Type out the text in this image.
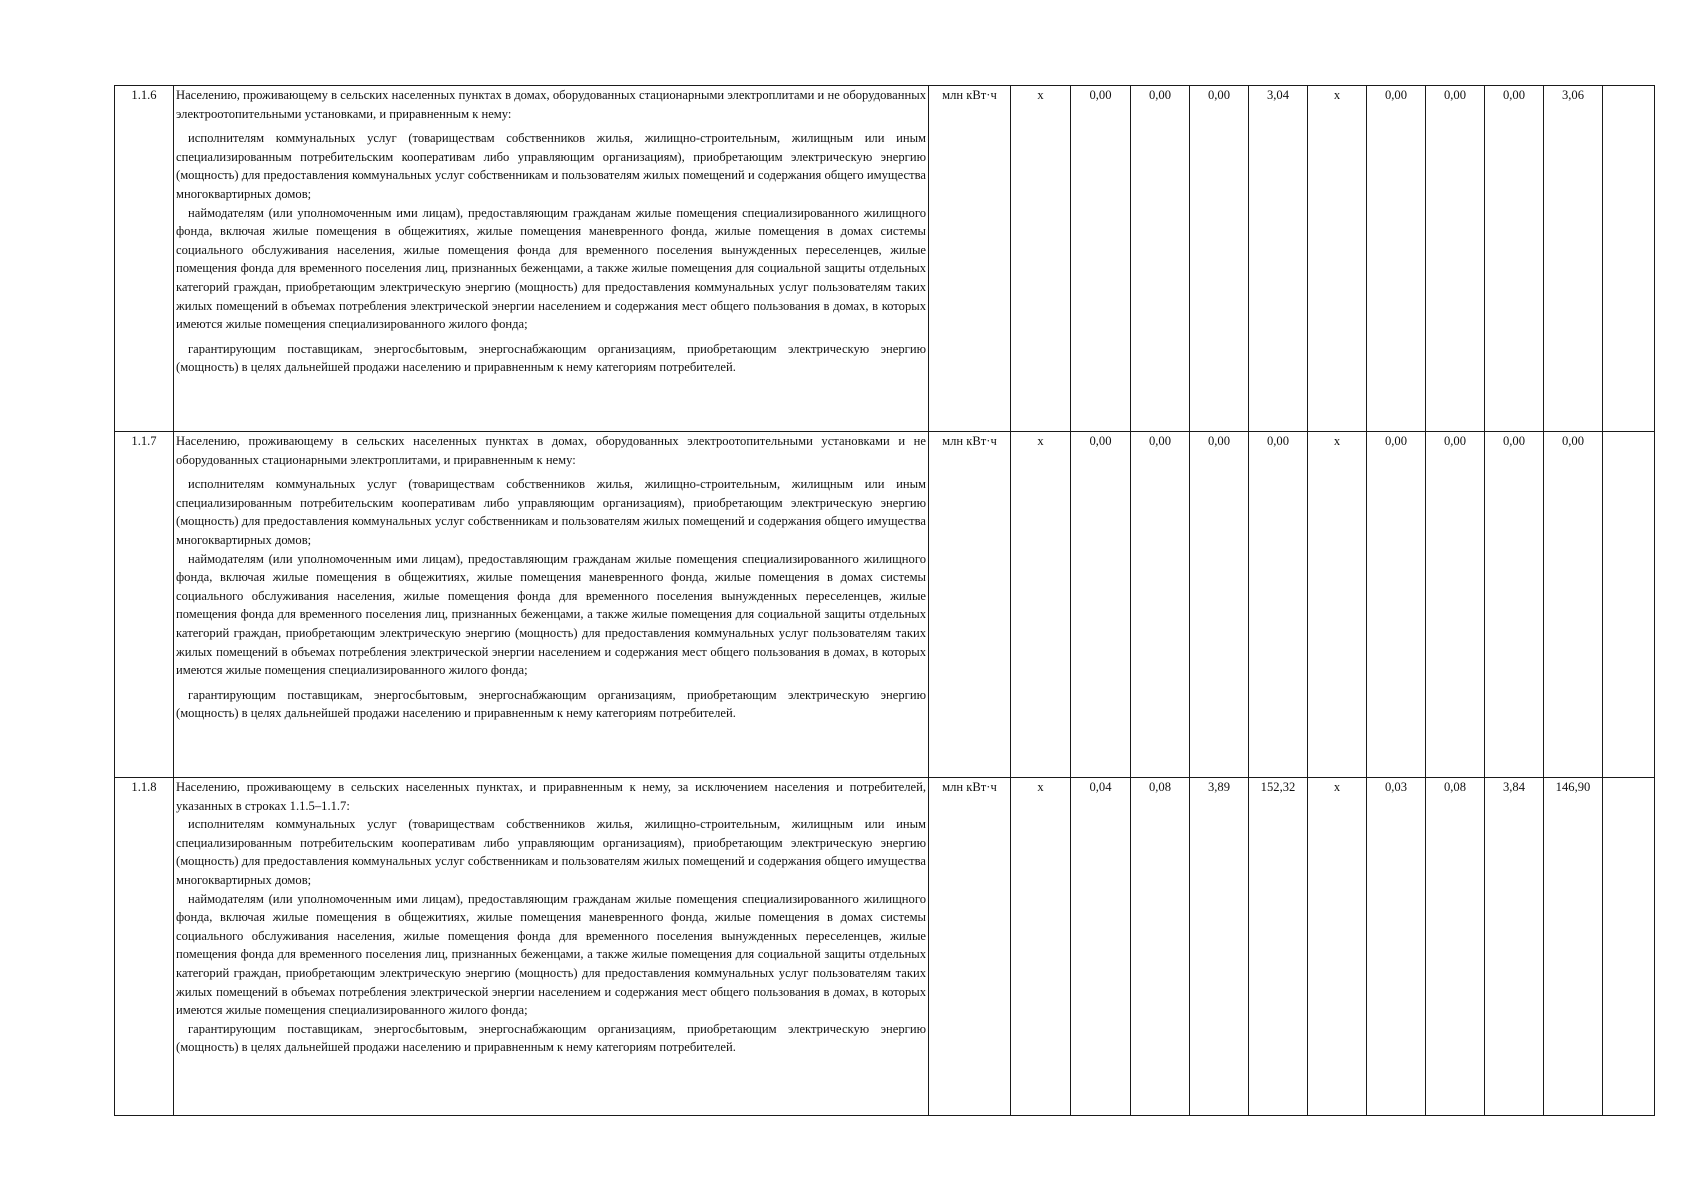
1.1.6	Населению, проживающему в сельских населенных пунктах в домах, оборудованных стационарными электроплитами и не оборудованных электроотопительными установками, и приравненным к нему:

исполнителям коммунальных услуг (товариществам собственников жилья, жилищно-строительным, жилищным или иным специализированным потребительским кооперативам либо управляющим организациям), приобретающим электрическую энергию (мощность) для предоставления коммунальных услуг собственникам и пользователям жилых помещений и содержания общего имущества многоквартирных домов;

наймодателям (или уполномоченным ими лицам), предоставляющим гражданам жилые помещения специализированного жилищного фонда, включая жилые помещения в общежитиях, жилые помещения маневренного фонда, жилые помещения в домах системы социального обслуживания населения, жилые помещения фонда для временного поселения вынужденных переселенцев, жилые помещения фонда для временного поселения лиц, признанных беженцами, а также жилые помещения для социальной защиты отдельных категорий граждан, приобретающим электрическую энергию (мощность) для предоставления коммунальных услуг пользователям таких жилых помещений в объемах потребления электрической энергии населением и содержания мест общего пользования в домах, в которых имеются жилые помещения специализированного жилого фонда;

гарантирующим поставщикам, энергосбытовым, энергоснабжающим организациям, приобретающим электрическую энергию (мощность) в целях дальнейшей продажи населению и приравненным к нему категориям потребителей.	млн кВт·ч	x	0,00	0,00	0,00	3,04	x	0,00	0,00	0,00	3,06	
1.1.7	Населению, проживающему в сельских населенных пунктах в домах, оборудованных электроотопительными установками и не оборудованных стационарными электроплитами, и приравненным к нему:

исполнителям коммунальных услуг (товариществам собственников жилья, жилищно-строительным, жилищным или иным специализированным потребительским кооперативам либо управляющим организациям), приобретающим электрическую энергию (мощность) для предоставления коммунальных услуг собственникам и пользователям жилых помещений и содержания общего имущества многоквартирных домов;

наймодателям (или уполномоченным ими лицам), предоставляющим гражданам жилые помещения специализированного жилищного фонда, включая жилые помещения в общежитиях, жилые помещения маневренного фонда, жилые помещения в домах системы социального обслуживания населения, жилые помещения фонда для временного поселения вынужденных переселенцев, жилые помещения фонда для временного поселения лиц, признанных беженцами, а также жилые помещения для социальной защиты отдельных категорий граждан, приобретающим электрическую энергию (мощность) для предоставления коммунальных услуг пользователям таких жилых помещений в объемах потребления электрической энергии населением и содержания мест общего пользования в домах, в которых имеются жилые помещения специализированного жилого фонда;

гарантирующим поставщикам, энергосбытовым, энергоснабжающим организациям, приобретающим электрическую энергию (мощность) в целях дальнейшей продажи населению и приравненным к нему категориям потребителей.	млн кВт·ч	x	0,00	0,00	0,00	0,00	x	0,00	0,00	0,00	0,00	
1.1.8	Населению, проживающему в сельских населенных пунктах, и приравненным к нему, за исключением населения и потребителей, указанных в строках 1.1.5–1.1.7:

исполнителям коммунальных услуг (товариществам собственников жилья, жилищно-строительным, жилищным или иным специализированным потребительским кооперативам либо управляющим организациям), приобретающим электрическую энергию (мощность) для предоставления коммунальных услуг собственникам и пользователям жилых помещений и содержания общего имущества многоквартирных домов;

наймодателям (или уполномоченным ими лицам), предоставляющим гражданам жилые помещения специализированного жилищного фонда, включая жилые помещения в общежитиях, жилые помещения маневренного фонда, жилые помещения в домах системы социального обслуживания населения, жилые помещения фонда для временного поселения вынужденных переселенцев, жилые помещения фонда для временного поселения лиц, признанных беженцами, а также жилые помещения для социальной защиты отдельных категорий граждан, приобретающим электрическую энергию (мощность) для предоставления коммунальных услуг пользователям таких жилых помещений в объемах потребления электрической энергии населением и содержания мест общего пользования в домах, в которых имеются жилые помещения специализированного жилого фонда;

гарантирующим поставщикам, энергосбытовым, энергоснабжающим организациям, приобретающим электрическую энергию (мощность) в целях дальнейшей продажи населению и приравненным к нему категориям потребителей.	млн кВт·ч	x	0,04	0,08	3,89	152,32	x	0,03	0,08	3,84	146,90	
